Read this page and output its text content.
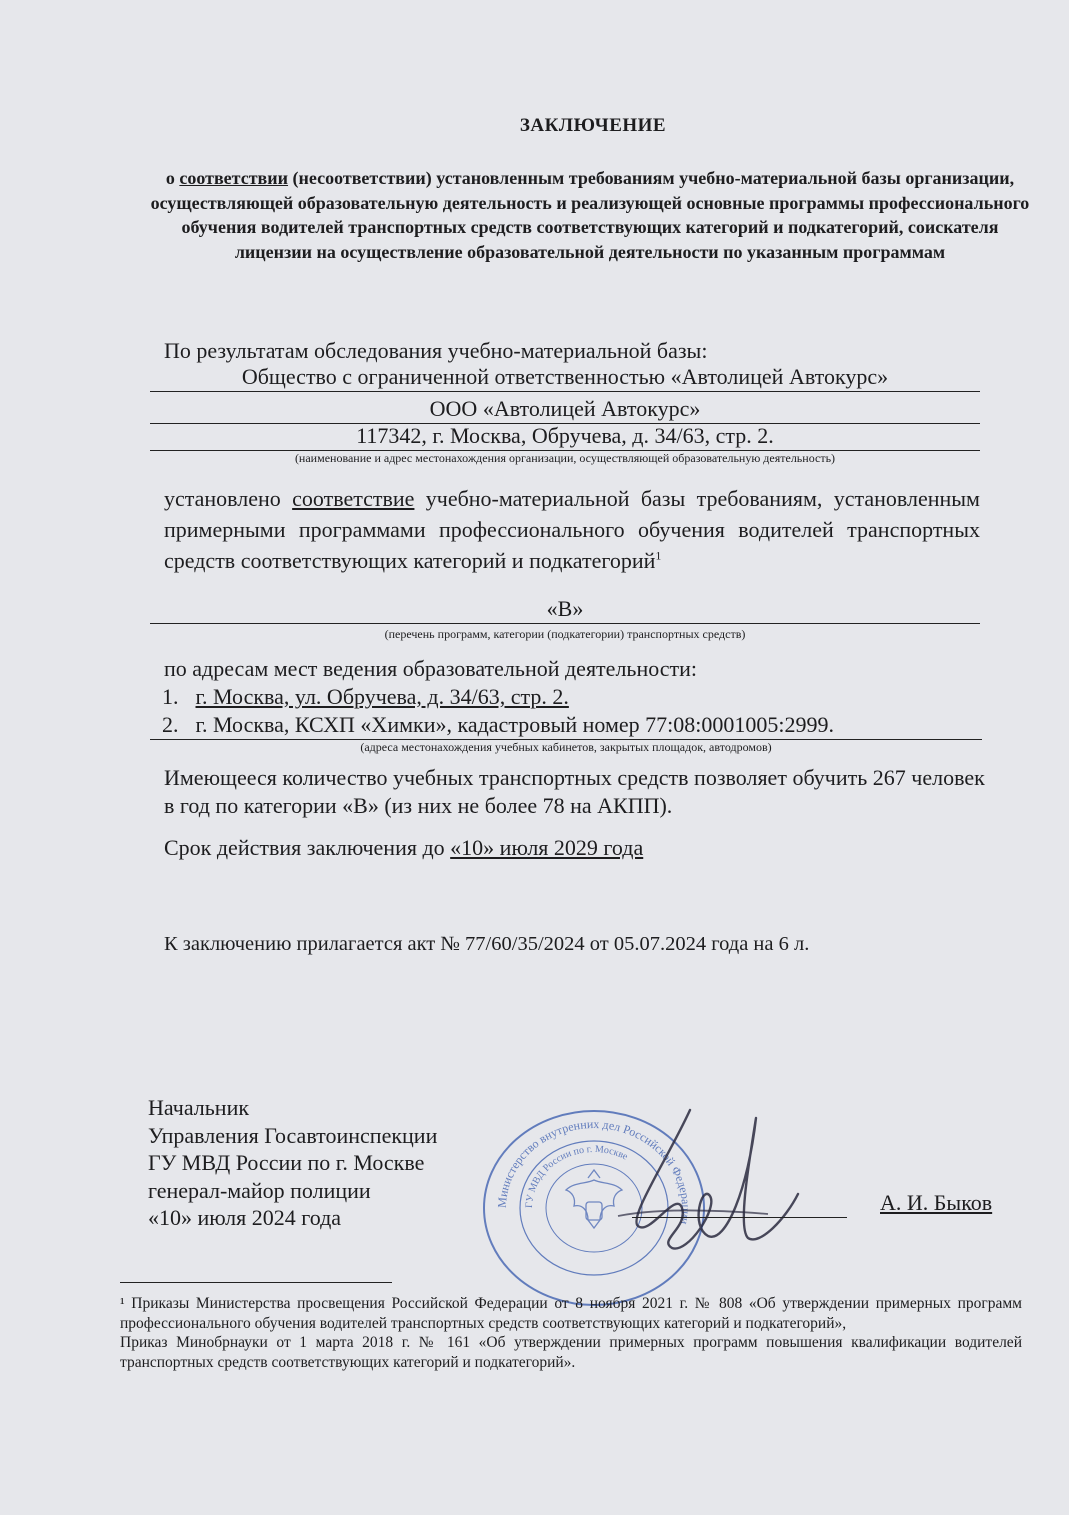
ЗАКЛЮЧЕНИЕ
о соответствии (несоответствии) установленным требованиям учебно-материальной базы организации, осуществляющей образовательную деятельность и реализующей основные программы профессионального обучения водителей транспортных средств соответствующих категорий и подкатегорий, соискателя лицензии на осуществление образовательной деятельности по указанным программам
По результатам обследования учебно-материальной базы:
Общество с ограниченной ответственностью «Автолицей Автокурс»
ООО «Автолицей Автокурс»
117342, г. Москва, Обручева, д. 34/63, стр. 2.
(наименование и адрес местонахождения организации, осуществляющей образовательную деятельность)
установлено соответствие учебно-материальной базы требованиям, установленным примерными программами профессионального обучения водителей транспортных средств соответствующих категорий и подкатегорий$^1$
«В»
(перечень программ, категории (подкатегории) транспортных средств)
по адресам мест ведения образовательной деятельности:
1. г. Москва, ул. Обручева, д. 34/63, стр. 2.
2. г. Москва, КСХП «Химки», кадастровый номер 77:08:0001005:2999.
(адреса местонахождения учебных кабинетов, закрытых площадок, автодромов)
Имеющееся количество учебных транспортных средств позволяет обучить 267 человек в год по категории «В» (из них не более 78 на АКПП).
Срок действия заключения до «10» июля 2029 года
К заключению прилагается акт № 77/60/35/2024 от 05.07.2024 года на 6 л.
Начальник
Управления Госавтоинспекции
ГУ МВД России по г. Москве
генерал-майор полиции
«10» июля 2024 года
Министерство внутренних дел Российской Федерации
ГУ МВД России по г. Москве
А. И. Быков

¹ Приказы Министерства просвещения Российской Федерации от 8 ноября 2021 г. № 808 «Об утверждении примерных программ профессионального обучения водителей транспортных средств соответствующих категорий и подкатегорий»,

Приказ Минобрнауки от 1 марта 2018 г. № 161 «Об утверждении примерных программ повышения квалификации водителей транспортных средств соответствующих категорий и подкатегорий».
